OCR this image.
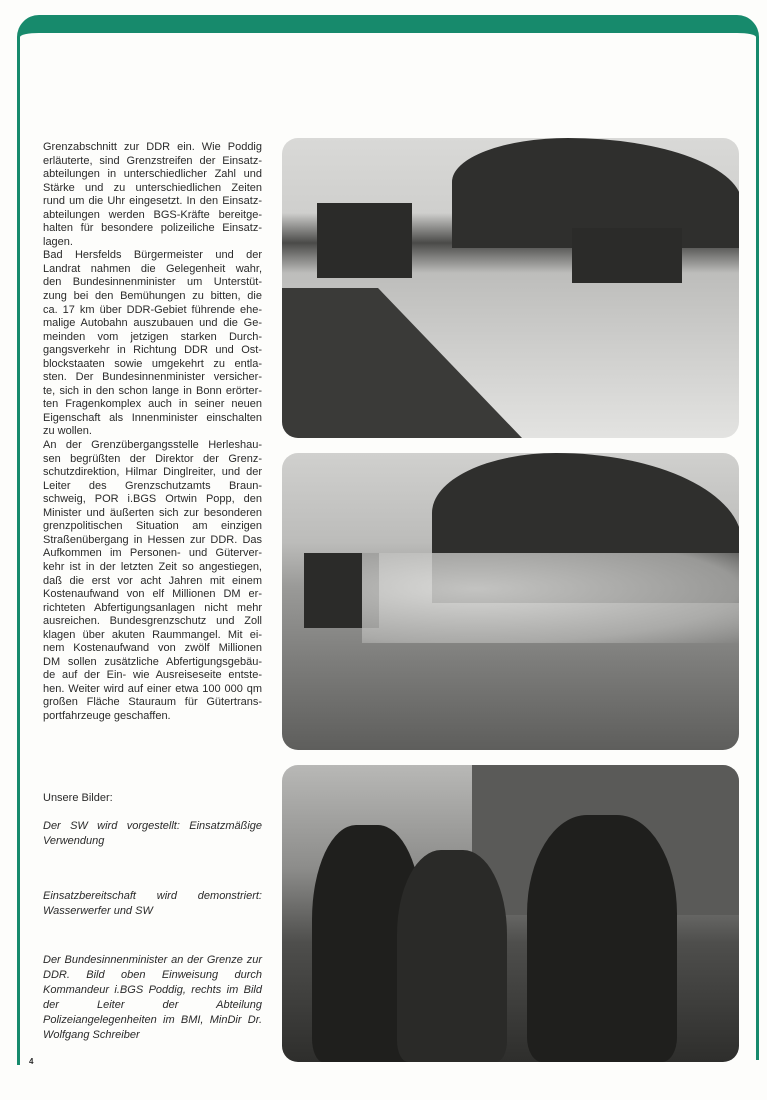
Grenzabschnitt zur DDR ein. Wie Poddig
erläuterte, sind Grenzstreifen der Einsatz-
abteilungen in unterschiedlicher Zahl und
Stärke und zu unterschiedlichen Zeiten
rund um die Uhr eingesetzt. In den Einsatz-
abteilungen werden BGS-Kräfte bereitge-
halten für besondere polizeiliche Einsatz-
lagen.
Bad Hersfelds Bürgermeister und der
Landrat nahmen die Gelegenheit wahr,
den Bundesinnenminister um Unterstüt-
zung bei den Bemühungen zu bitten, die
ca. 17 km über DDR-Gebiet führende ehe-
malige Autobahn auszubauen und die Ge-
meinden vom jetzigen starken Durch-
gangsverkehr in Richtung DDR und Ost-
blockstaaten sowie umgekehrt zu entla-
sten. Der Bundesinnenminister versicher-
te, sich in den schon lange in Bonn erörter-
ten Fragenkomplex auch in seiner neuen
Eigenschaft als Innenminister einschalten
zu wollen.
An der Grenzübergangsstelle Herleshau-
sen begrüßten der Direktor der Grenz-
schutzdirektion, Hilmar Dinglreiter, und der
Leiter des Grenzschutzamts Braun-
schweig, POR i.BGS Ortwin Popp, den
Minister und äußerten sich zur besonderen
grenzpolitischen Situation am einzigen
Straßenübergang in Hessen zur DDR. Das
Aufkommen im Personen- und Güterver-
kehr ist in der letzten Zeit so angestiegen,
daß die erst vor acht Jahren mit einem
Kostenaufwand von elf Millionen DM er-
richteten Abfertigungsanlagen nicht mehr
ausreichen. Bundesgrenzschutz und Zoll
klagen über akuten Raummangel. Mit ei-
nem Kostenaufwand von zwölf Millionen
DM sollen zusätzliche Abfertigungsgebäu-
de auf der Ein- wie Ausreiseseite entste-
hen. Weiter wird auf einer etwa 100 000 qm
großen Fläche Stauraum für Gütertrans-
portfahrzeuge geschaffen.
Unsere Bilder:
Der SW wird vorgestellt: Einsatzmäßige Verwendung
Einsatzbereitschaft wird demonstriert: Wasserwerfer und SW
Der Bundesinnenminister an der Grenze zur DDR. Bild oben Einweisung durch Kommandeur i.BGS Poddig, rechts im Bild der Leiter der Abteilung Polizeiangelegenheiten im BMI, MinDir Dr. Wolfgang Schreiber
4
